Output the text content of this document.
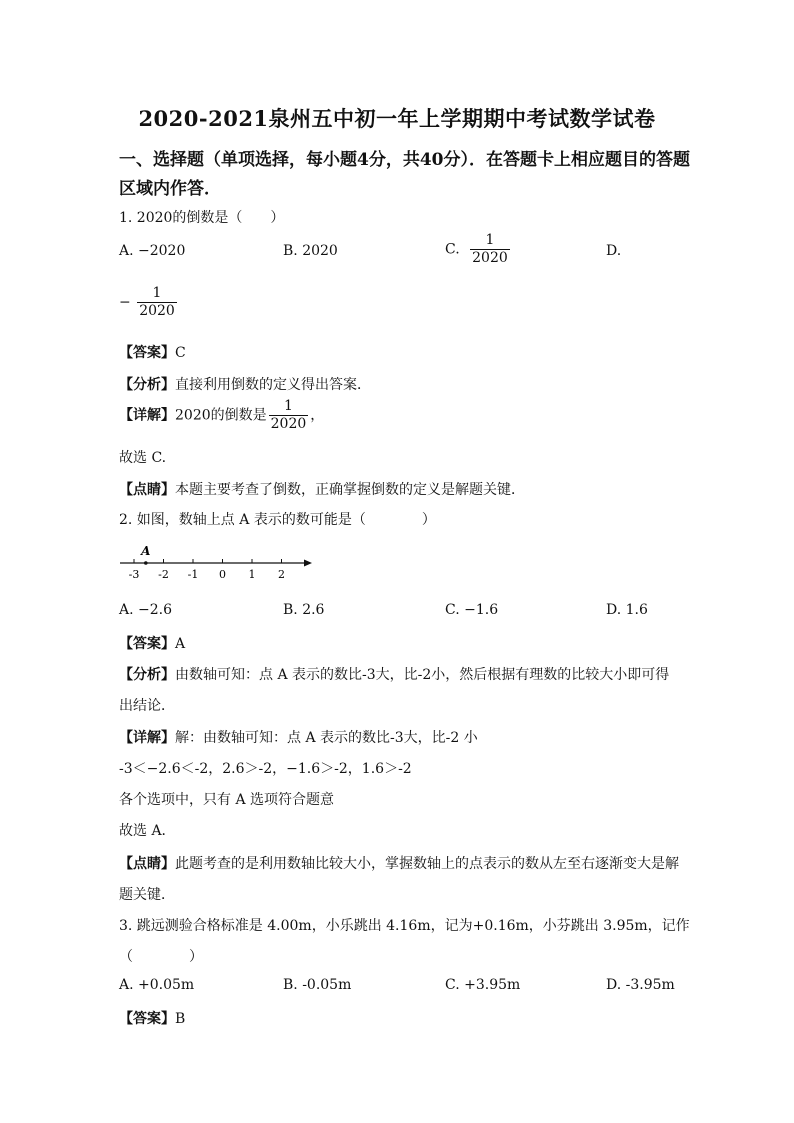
2020-2021泉州五中初一年上学期期中考试数学试卷
一、选择题（单项选择，每小题4分，共40分）．在答题卡上相应题目的答题
区域内作答．
1. 2020的倒数是（　　）
A. −2020	B. 2020	C. $\frac{1}{2020}$	D.
− $\frac{1}{2020}$
【答案】C
【分析】直接利用倒数的定义得出答案．
【详解】2020的倒数是 $\frac{1}{2020}$ ，
故选 C.
【点睛】本题主要考查了倒数，正确掌握倒数的定义是解题关键．
2. 如图，数轴上点 A 表示的数可能是（　　　　）
-3 -2 -1 0 1 2
A
A. −2.6	B. 2.6	C. −1.6	D. 1.6
【答案】A
【分析】由数轴可知：点 A 表示的数比-3大，比-2小，然后根据有理数的比较大小即可得
出结论．
【详解】解：由数轴可知：点 A 表示的数比-3大，比-2 小
-3＜−2.6＜-2，2.6＞-2，−1.6＞-2，1.6＞-2
各个选项中，只有 A 选项符合题意
故选 A．
【点睛】此题考查的是利用数轴比较大小，掌握数轴上的点表示的数从左至右逐渐变大是解
题关键．
3. 跳远测验合格标准是 4.00m，小乐跳出 4.16m，记为+0.16m，小芬跳出 3.95m，记作
（　　　　）
A. +0.05m	B. -0.05m	C. +3.95m	D. -3.95m
【答案】B
